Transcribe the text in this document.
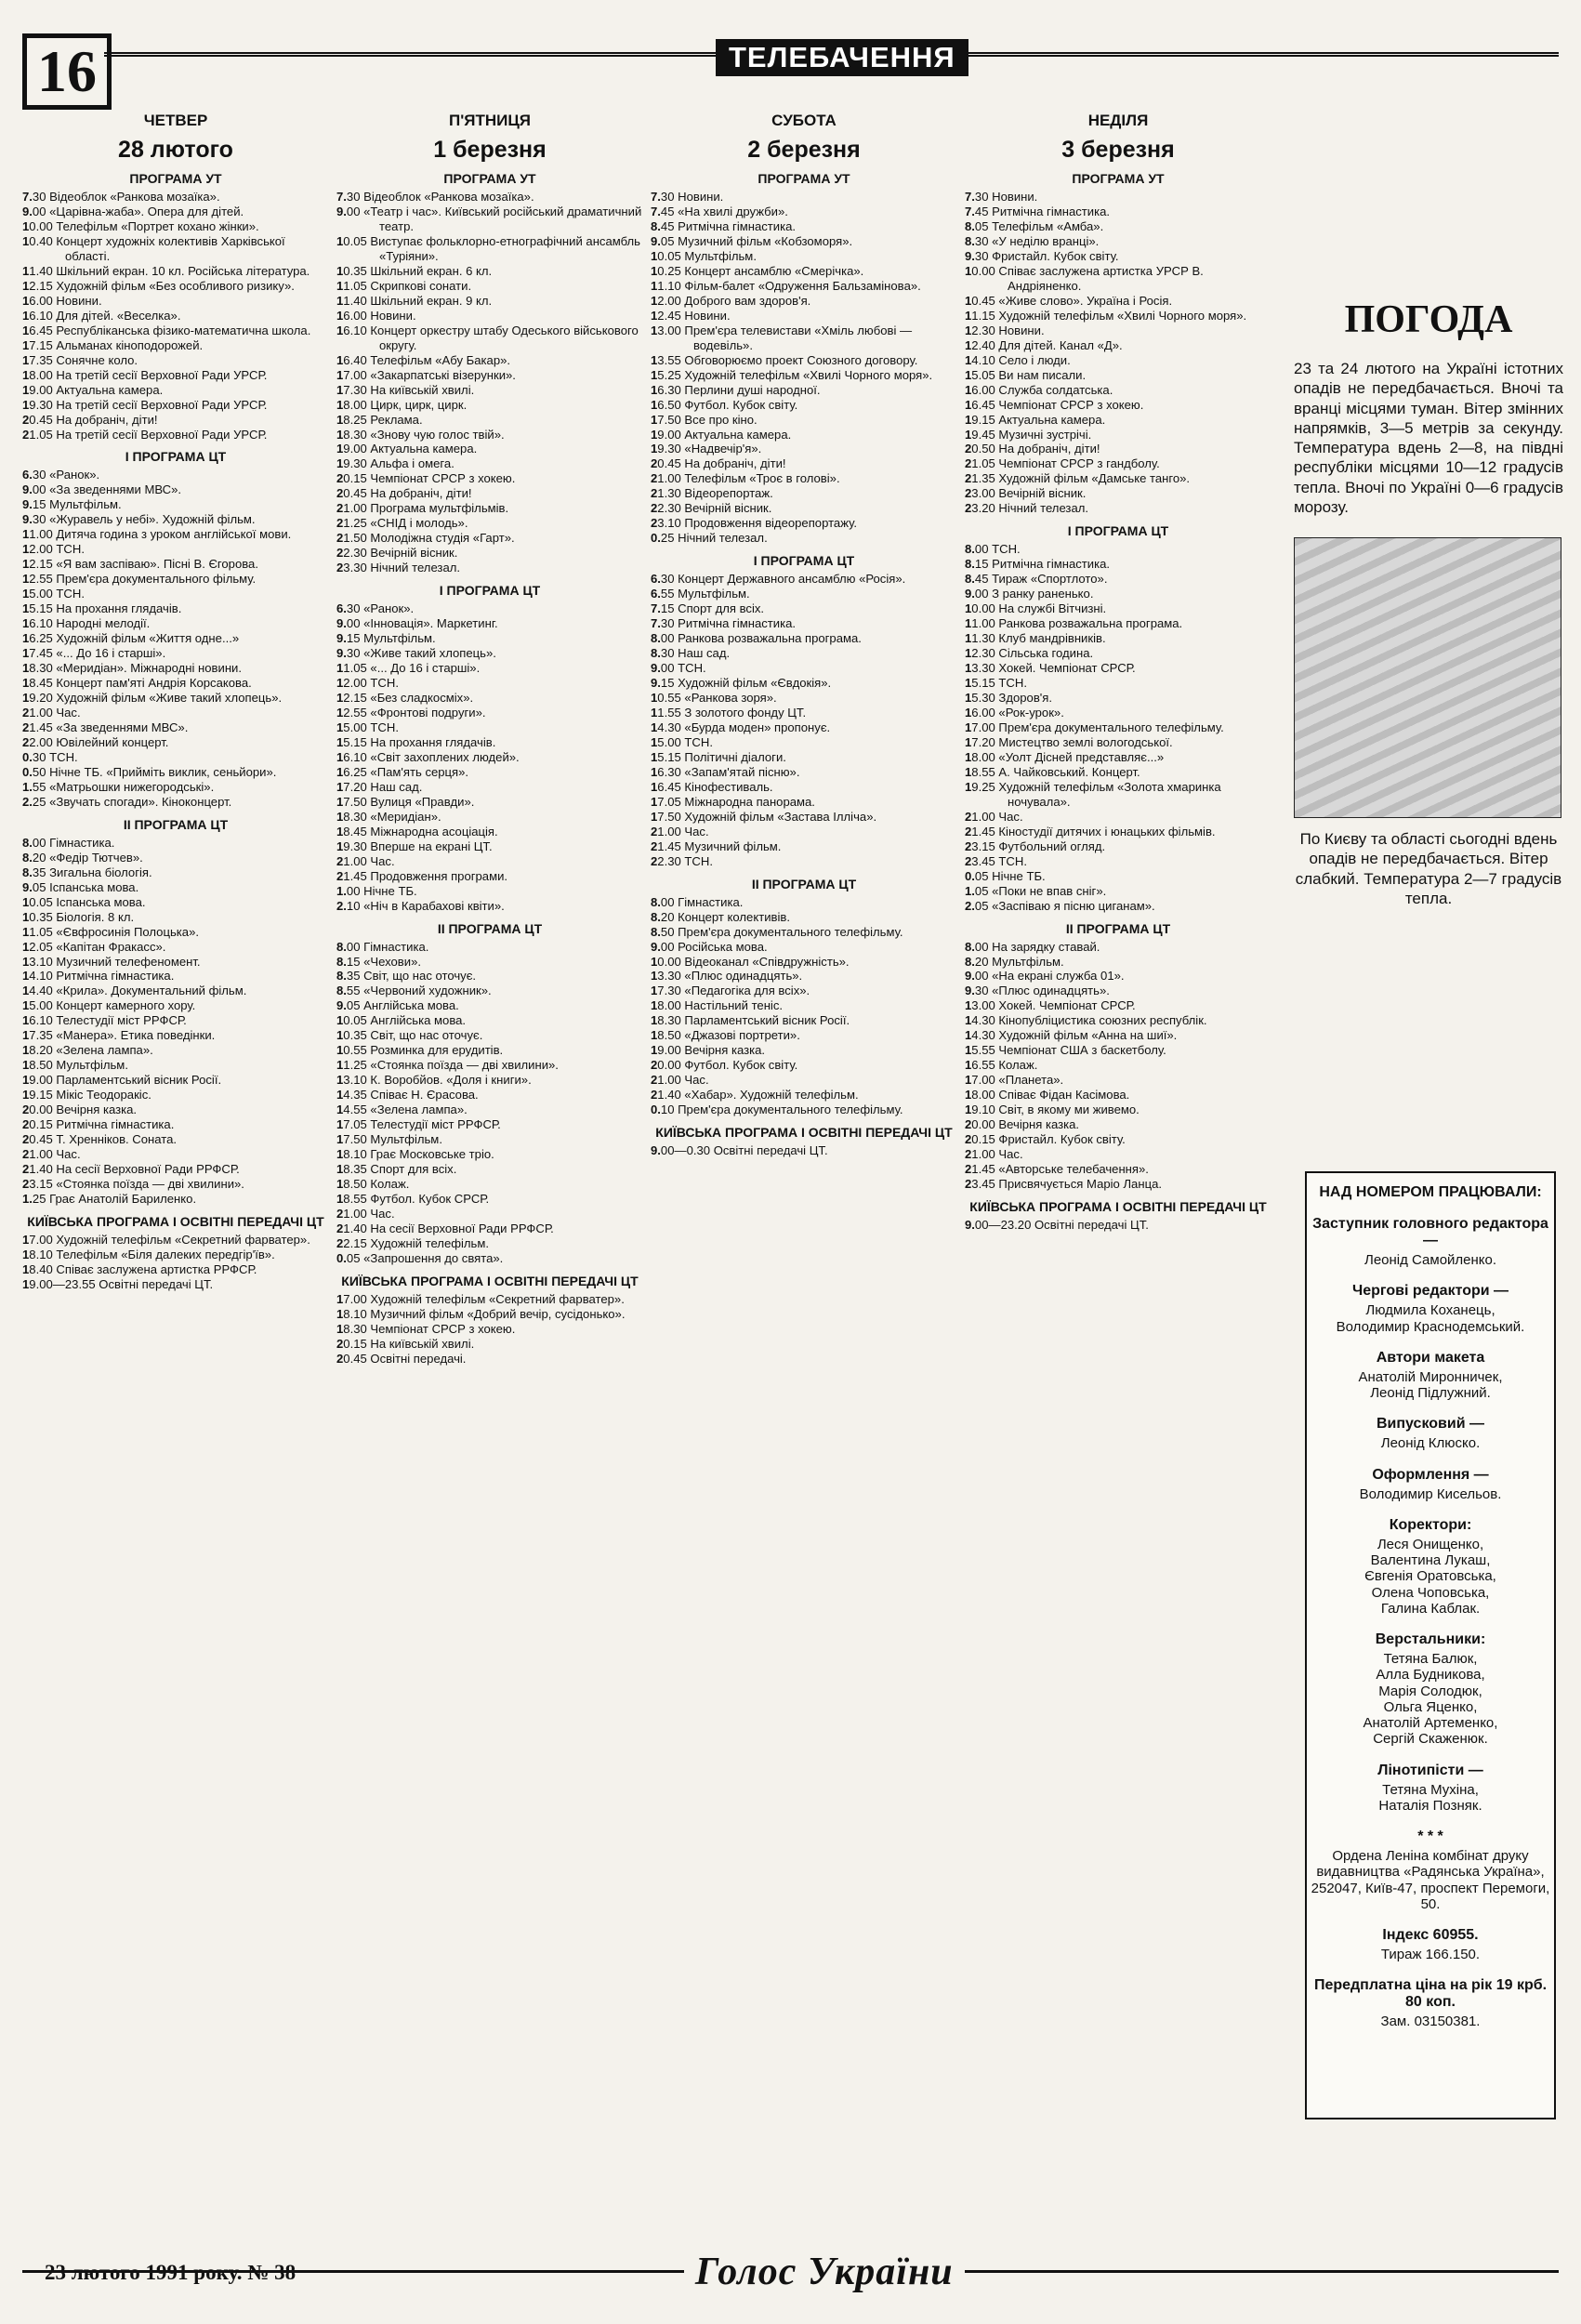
16	ТЕЛЕБАЧЕННЯ
ЧЕТВЕР
28 лютого
ПРОГРАМА УТ
7.30 Відеоблок «Ранкова мозаїка».
9.00 «Царівна-жаба». Опера для дітей.
10.00 Телефільм «Портрет кохано жінки».
10.40 Концерт художніх колективів Харківської області.
11.40 Шкільний екран. 10 кл. Російська література.
12.15 Художній фільм «Без особливого ризику».
16.00 Новини.
16.10 Для дітей. «Веселка».
16.45 Республіканська фізико-математична школа.
17.15 Альманах кіноподорожей.
17.35 Сонячне коло.
18.00 На третій сесії Верховної Ради УРСР.
19.00 Актуальна камера.
19.30 На третій сесії Верховної Ради УРСР.
20.45 На добраніч, діти!
21.05 На третій сесії Верховної Ради УРСР.
I ПРОГРАМА ЦТ
6.30 «Ранок».
9.00 «За зведеннями МВС».
9.15 Мультфільм.
9.30 «Журавель у небі». Художній фільм.
11.00 Дитяча година з уроком англійської мови.
12.00 ТСН.
12.15 «Я вам заспіваю». Пісні В. Єгорова.
12.55 Прем'єра документального фільму.
15.00 ТСН.
15.15 На прохання глядачів.
16.10 Народні мелодії.
16.25 Художній фільм «Життя одне...»
17.45 «... До 16 і старші».
18.30 «Меридіан». Міжнародні новини.
18.45 Концерт пам'яті Андрія Корсакова.
19.20 Художній фільм «Живе такий хлопець».
21.00 Час.
21.45 «За зведеннями МВС».
22.00 Ювілейний концерт.
0.30 ТСН.
0.50 Нічне ТБ. «Прийміть виклик, сеньйори».
1.55 «Матрьошки нижегородські».
2.25 «Звучать спогади». Кіноконцерт.
II ПРОГРАМА ЦТ
8.00 Гімнастика.
8.20 «Федір Тютчев».
8.35 Зигальна біологія.
9.05 Іспанська мова.
10.05 Іспанська мова.
10.35 Біологія. 8 кл.
11.05 «Євфросинія Полоцька».
12.05 «Капітан Фракасс».
13.10 Музичний телефеномент.
14.10 Ритмічна гімнастика.
14.40 «Крила». Документальний фільм.
15.00 Концерт камерного хору.
16.10 Телестудії міст РРФСР.
17.35 «Манера». Етика поведінки.
18.20 «Зелена лампа».
18.50 Мультфільм.
19.00 Парламентський вісник Росії.
19.15 Мікіс Теодоракіс.
20.00 Вечірня казка.
20.15 Ритмічна гімнастика.
20.45 Т. Хренніков. Соната.
21.00 Час.
21.40 На сесії Верховної Ради РРФСР.
23.15 «Стоянка поїзда — дві хвилини».
1.25 Грає Анатолій Бариленко.
КИЇВСЬКА ПРОГРАМА І ОСВІТНІ ПЕРЕДАЧІ ЦТ
17.00 Художній телефільм «Секретний фарватер».
18.10 Телефільм «Біля далеких передгір'їв».
18.40 Співає заслужена артистка РРФСР.
19.00—23.55 Освітні передачі ЦТ.
П'ЯТНИЦЯ
1 березня
ПРОГРАМА УТ
7.30 Відеоблок «Ранкова мозаїка».
9.00 «Театр і час». Київський російський драматичний театр.
10.05 Виступає фольклорно-етнографічний ансамбль «Туріяни».
10.35 Шкільний екран. 6 кл.
11.05 Скрипкові сонати.
11.40 Шкільний екран. 9 кл.
16.00 Новини.
16.10 Концерт оркестру штабу Одеського військового округу.
16.40 Телефільм «Абу Бакар».
17.00 «Закарпатські візерунки».
17.30 На київській хвилі.
18.00 Цирк, цирк, цирк.
18.25 Реклама.
18.30 «Знову чую голос твій».
19.00 Актуальна камера.
19.30 Альфа і омега.
20.15 Чемпіонат СРСР з хокею.
20.45 На добраніч, діти!
21.00 Програма мультфільмів.
21.25 «СНІД і молодь».
21.50 Молодіжна студія «Гарт».
22.30 Вечірній вісник.
23.30 Нічний телезал.
I ПРОГРАМА ЦТ
6.30 «Ранок».
9.00 «Інновація». Маркетинг.
9.15 Мультфільм.
9.30 «Живе такий хлопець».
11.05 «... До 16 і старші».
12.00 ТСН.
12.15 «Без сладкосміх».
12.55 «Фронтові подруги».
15.00 ТСН.
15.15 На прохання глядачів.
16.10 «Світ захоплених людей».
16.25 «Пам'ять серця».
17.20 Наш сад.
17.50 Вулиця «Правди».
18.30 «Меридіан».
18.45 Міжнародна асоціація.
19.30 Вперше на екрані ЦТ.
21.00 Час.
21.45 Продовження програми.
1.00 Нічне ТБ.
2.10 «Ніч в Карабахові квіти».
II ПРОГРАМА ЦТ
8.00 Гімнастика.
8.15 «Чехови».
8.35 Світ, що нас оточує.
8.55 «Червоний художник».
9.05 Англійська мова.
10.05 Англійська мова.
10.35 Світ, що нас оточує.
10.55 Розминка для ерудитів.
11.25 «Стоянка поїзда — дві хвилини».
13.10 К. Воробйов. «Доля і книги».
14.35 Співає Н. Єрасова.
14.55 «Зелена лампа».
17.05 Телестудії міст РРФСР.
17.50 Мультфільм.
18.10 Грає Московське тріо.
18.35 Спорт для всіх.
18.50 Колаж.
18.55 Футбол. Кубок СРСР.
21.00 Час.
21.40 На сесії Верховної Ради РРФСР.
22.15 Художній телефільм.
0.05 «Запрошення до свята».
КИЇВСЬКА ПРОГРАМА І ОСВІТНІ ПЕРЕДАЧІ ЦТ
17.00 Художній телефільм «Секретний фарватер».
18.10 Музичний фільм «Добрий вечір, сусідонько».
18.30 Чемпіонат СРСР з хокею.
20.15 На київській хвилі.
20.45 Освітні передачі.
СУБОТА
2 березня
ПРОГРАМА УТ
7.30 Новини.
7.45 «На хвилі дружби».
8.45 Ритмічна гімнастика.
9.05 Музичний фільм «Кобзоморя».
10.05 Мультфільм.
10.25 Концерт ансамблю «Смерічка».
11.10 Фільм-балет «Одруження Бальзаміновa».
12.00 Доброго вам здоров'я.
12.45 Новини.
13.00 Прем'єра телевистави «Хміль любові — водевіль».
13.55 Обговорюємо проект Союзного договору.
15.25 Художній телефільм «Хвилі Чорного моря».
16.30 Перлини душі народної.
16.50 Футбол. Кубок світу.
17.50 Все про кіно.
19.00 Актуальна камера.
19.30 «Надвечір'я».
20.45 На добраніч, діти!
21.00 Телефільм «Троє в голові».
21.30 Відеорепортаж.
22.30 Вечірній вісник.
23.10 Продовження відеорепортажу.
0.25 Нічний телезал.
I ПРОГРАМА ЦТ
6.30 Концерт Державного ансамблю «Росія».
6.55 Мультфільм.
7.15 Спорт для всіх.
7.30 Ритмічна гімнастика.
8.00 Ранкова розважальна програма.
8.30 Наш сад.
9.00 ТСН.
9.15 Художній фільм «Євдокія».
10.55 «Ранкова зоря».
11.55 З золотого фонду ЦТ.
14.30 «Бурда моден» пропонує.
15.00 ТСН.
15.15 Політичні діалоги.
16.30 «Запам'ятай пісню».
16.45 Кінофестиваль.
17.05 Міжнародна панорама.
17.50 Художній фільм «Застава Ілліча».
21.00 Час.
21.45 Музичний фільм.
22.30 ТСН.
II ПРОГРАМА ЦТ
8.00 Гімнастика.
8.20 Концерт колективів.
8.50 Прем'єра документального телефільму.
9.00 Російська мова.
10.00 Відеоканал «Співдружність».
13.30 «Плюс одинадцять».
17.30 «Педагогіка для всіх».
18.00 Настільний теніс.
18.30 Парламентський вісник Росії.
18.50 «Джазові портрети».
19.00 Вечірня казка.
20.00 Футбол. Кубок світу.
21.00 Час.
21.40 «Хабар». Художній телефільм.
0.10 Прем'єра документального телефільму.
КИЇВСЬКА ПРОГРАМА І ОСВІТНІ ПЕРЕДАЧІ ЦТ
9.00—0.30 Освітні передачі ЦТ.
НЕДІЛЯ
3 березня
ПРОГРАМА УТ
7.30 Новини.
7.45 Ритмічна гімнастика.
8.05 Телефільм «Амба».
8.30 «У неділю вранці».
9.30 Фристайл. Кубок світу.
10.00 Співає заслужена артистка УРСР В. Андріяненко.
10.45 «Живе слово». Україна і Росія.
11.15 Художній телефільм «Хвилі Чорного моря».
12.30 Новини.
12.40 Для дітей. Канал «Д».
14.10 Село і люди.
15.05 Ви нам писали.
16.00 Служба солдатська.
16.45 Чемпіонат СРСР з хокею.
19.15 Актуальна камера.
19.45 Музичні зустрічі.
20.50 На добраніч, діти!
21.05 Чемпіонат СРСР з гандболу.
21.35 Художній фільм «Дамське танго».
23.00 Вечірній вісник.
23.20 Нічний телезал.
I ПРОГРАМА ЦТ
8.00 ТСН.
8.15 Ритмічна гімнастика.
8.45 Тираж «Спортлото».
9.00 З ранку раненько.
10.00 На службі Вітчизні.
11.00 Ранкова розважальна програма.
11.30 Клуб мандрівників.
12.30 Сільська година.
13.30 Хокей. Чемпіонат СРСР.
15.15 ТСН.
15.30 Здоров'я.
16.00 «Рок-урок».
17.00 Прем'єра документального телефільму.
17.20 Мистецтво землі вологодської.
18.00 «Уолт Дісней представляє...»
18.55 А. Чайковський. Концерт.
19.25 Художній телефільм «Золота хмаринка ночувала».
21.00 Час.
21.45 Кіностудії дитячих і юнацьких фільмів.
23.15 Футбольний огляд.
23.45 ТСН.
0.05 Нічне ТБ.
1.05 «Поки не впав сніг».
2.05 «Заспіваю я пісню циганам».
II ПРОГРАМА ЦТ
8.00 На зарядку ставай.
8.20 Мультфільм.
9.00 «На екрані служба 01».
9.30 «Плюс одинадцять».
13.00 Хокей. Чемпіонат СРСР.
14.30 Кінопубліцистика союзних республік.
14.30 Художній фільм «Анна на шиї».
15.55 Чемпіонат США з баскетболу.
16.55 Колаж.
17.00 «Планета».
18.00 Співає Фідан Касімова.
19.10 Світ, в якому ми живемо.
20.00 Вечірня казка.
20.15 Фристайл. Кубок світу.
21.00 Час.
21.45 «Авторське телебачення».
23.45 Присвячується Маріо Ланца.
КИЇВСЬКА ПРОГРАМА І ОСВІТНІ ПЕРЕДАЧІ ЦТ
9.00—23.20 Освітні передачі ЦТ.
ПОГОДА
23 та 24 лютого на Україні істотних опадів не передбачається. Вночі та вранці місцями туман. Вітер змінних напрямків, 3—5 метрів за секунду. Температура вдень 2—8, на півдні республіки місцями 10—12 градусів тепла. Вночі по Україні 0—6 градусів морозу.
По Києву та області сьогодні вдень опадів не передбачається. Вітер слабкий. Температура 2—7 градусів тепла.
НАД НОМЕРОМ ПРАЦЮВАЛИ:
Заступник головного редактора —
Леонід Самойленко.
Чергові редактори —
Людмила Коханець,
Володимир Краснодемський.
Автори макета
Анатолій Миронничек,
Леонід Підлужний.
Випусковий —
Леонід Клюско.
Оформлення —
Володимир Кисельов.
Коректори:
Леся Онищенко,
Валентина Лукаш,
Євгенія Оратовська,
Олена Чоповська,
Галина Каблак.
Верстальники:
Тетяна Балюк,
Алла Будникова,
Марія Солодюк,
Ольга Яценко,
Анатолій Артеменко,
Сергій Скаженюк.
Лінотипісти —
Тетяна Мухіна,
Наталія Позняк.
* * *
Ордена Леніна комбінат друку видавництва «Радянська Україна», 252047, Київ-47, проспект Перемоги, 50.
Індекс 60955.
Тираж 166.150.
Передплатна ціна на рік 19 крб. 80 коп.
Зам. 03150381.
23 лютого 1991 року. № 38	Голос України
